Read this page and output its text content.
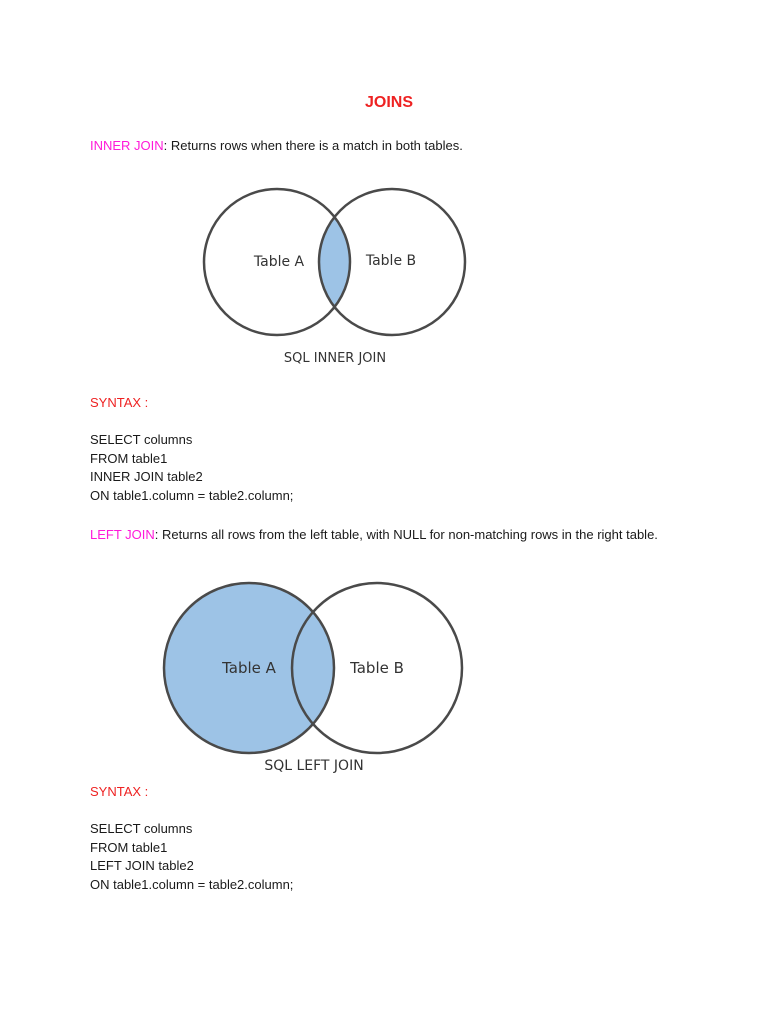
JOINS

INNER JOIN: Returns rows when there is a match in both tables.

Table A	Table B
SQL INNER JOIN

SYNTAX :

SELECT columns
FROM table1
INNER JOIN table2
ON table1.column = table2.column;

LEFT JOIN: Returns all rows from the left table, with NULL for non-matching rows in the right table.

Table A	Table B
SQL LEFT JOIN

SYNTAX :

SELECT columns
FROM table1
LEFT JOIN table2
ON table1.column = table2.column;
